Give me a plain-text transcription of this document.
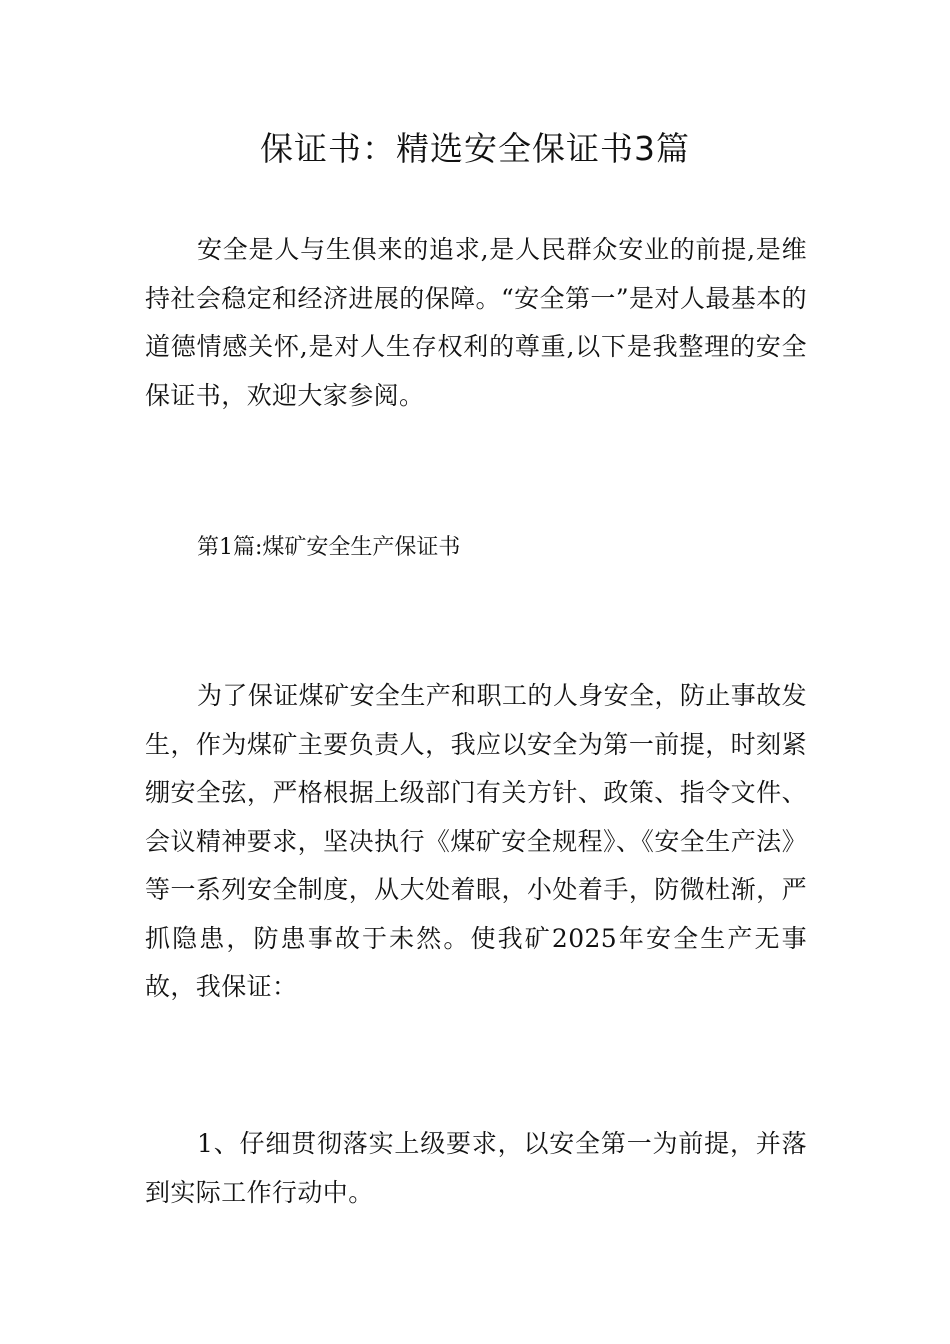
保证书：精选安全保证书3篇

安全是人与生俱来的追求,是人民群众安业的前提,是维持社会稳定和经济进展的保障。“安全第一”是对人最基本的道德情感关怀,是对人生存权利的尊重,以下是我整理的安全保证书，欢迎大家参阅。

第1篇:煤矿安全生产保证书

为了保证煤矿安全生产和职工的人身安全，防止事故发生，作为煤矿主要负责人，我应以安全为第一前提，时刻紧绷安全弦，严格根据上级部门有关方针、政策、指令文件、会议精神要求，坚决执行《煤矿安全规程》、《安全生产法》等一系列安全制度，从大处着眼，小处着手，防微杜渐，严抓隐患，防患事故于未然。使我矿2025年安全生产无事故，我保证：

1、仔细贯彻落实上级要求，以安全第一为前提，并落到实际工作行动中。
